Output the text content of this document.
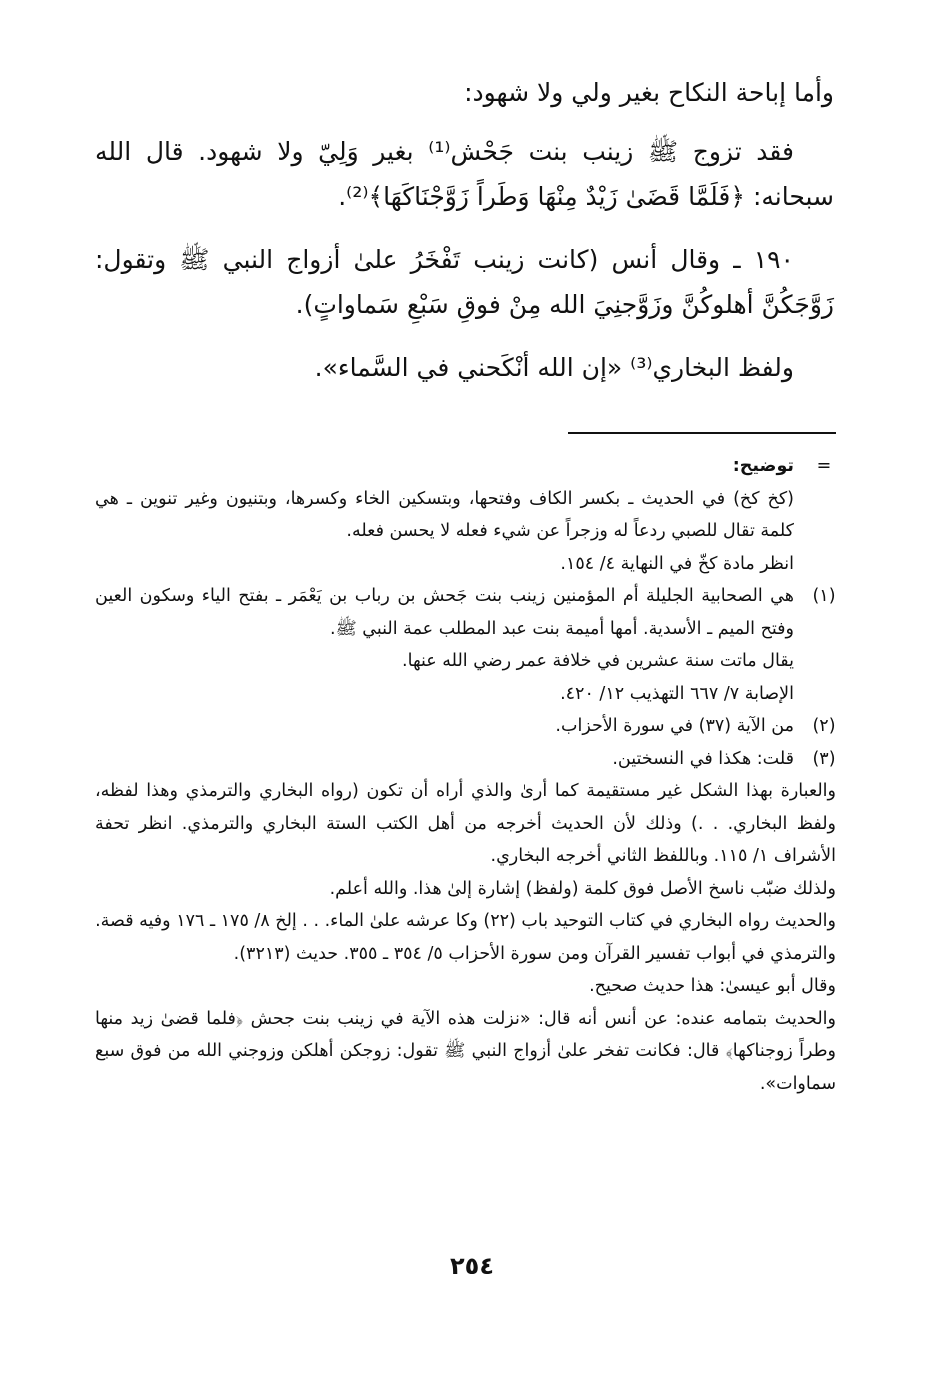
وأما إباحة النكاح بغير ولي ولا شهود:

فقد تزوج ﷺ زينب بنت جَحْش⁽¹⁾ بغير وَلِيّ ولا شهود. قال الله سبحانه: ﴿فَلَمَّا قَضَىٰ زَيْدٌ مِنْهَا وَطَراً زَوَّجْنَاكَهَا﴾⁽²⁾.

١٩٠ ـ وقال أنس (كانت زينب تَفْخَرُ علىٰ أزواج النبي ﷺ وتقول: زَوَّجَكُنَّ أهلوكُنَّ وزَوَّجنِيَ الله مِنْ فوقِ سَبْعِ سَماواتٍ).

ولفظ البخاري⁽³⁾ «إن الله أنْكَحني في السَّماء».

=

توضيح:

(كخ كخ) في الحديث ـ بكسر الكاف وفتحها، وبتسكين الخاء وكسرها، وبتنيون وغير تنوين ـ هي كلمة تقال للصبي ردعاً له وزجراً عن شيء فعله لا يحسن فعله.

انظر مادة كخّ في النهاية ٤/ ١٥٤.

(١)

هي الصحابية الجليلة أم المؤمنين زينب بنت جَحش بن رباب بن يَعْمَر ـ بفتح الياء وسكون العين وفتح الميم ـ الأسدية. أمها أميمة بنت عبد المطلب عمة النبي ﷺ.

يقال ماتت سنة عشرين في خلافة عمر رضي الله عنها.

الإصابة ٧/ ٦٦٧ التهذيب ١٢/ ٤٢٠.

(٢)

من الآية (٣٧) في سورة الأحزاب.

(٣)

قلت: هكذا في النسختين.

والعبارة بهذا الشكل غير مستقيمة كما أرىٰ والذي أراه أن تكون (رواه البخاري والترمذي وهذا لفظه، ولفظ البخاري. . .) وذلك لأن الحديث أخرجه من أهل الكتب الستة البخاري والترمذي. انظر تحفة الأشراف ١/ ١١٥. وباللفظ الثاني أخرجه البخاري.

ولذلك ضبّب ناسخ الأصل فوق كلمة (ولفظ) إشارة إلىٰ هذا. والله أعلم.

والحديث رواه البخاري في كتاب التوحيد باب (٢٢) وكا عرشه علىٰ الماء. . . إلخ ٨/ ١٧٥ ـ ١٧٦ وفيه قصة.

والترمذي في أبواب تفسير القرآن ومن سورة الأحزاب ٥/ ٣٥٤ ـ ٣٥٥. حديث (٣٢١٣).

وقال أبو عيسىٰ: هذا حديث صحيح.

والحديث بتمامه عنده: عن أنس أنه قال: «نزلت هذه الآية في زينب بنت جحش ﴿فلما قضىٰ زيد منها وطراً زوجناكها﴾ قال: فكانت تفخر علىٰ أزواج النبي ﷺ تقول: زوجكن أهلكن وزوجني الله من فوق سبع سماوات».

٢٥٤
